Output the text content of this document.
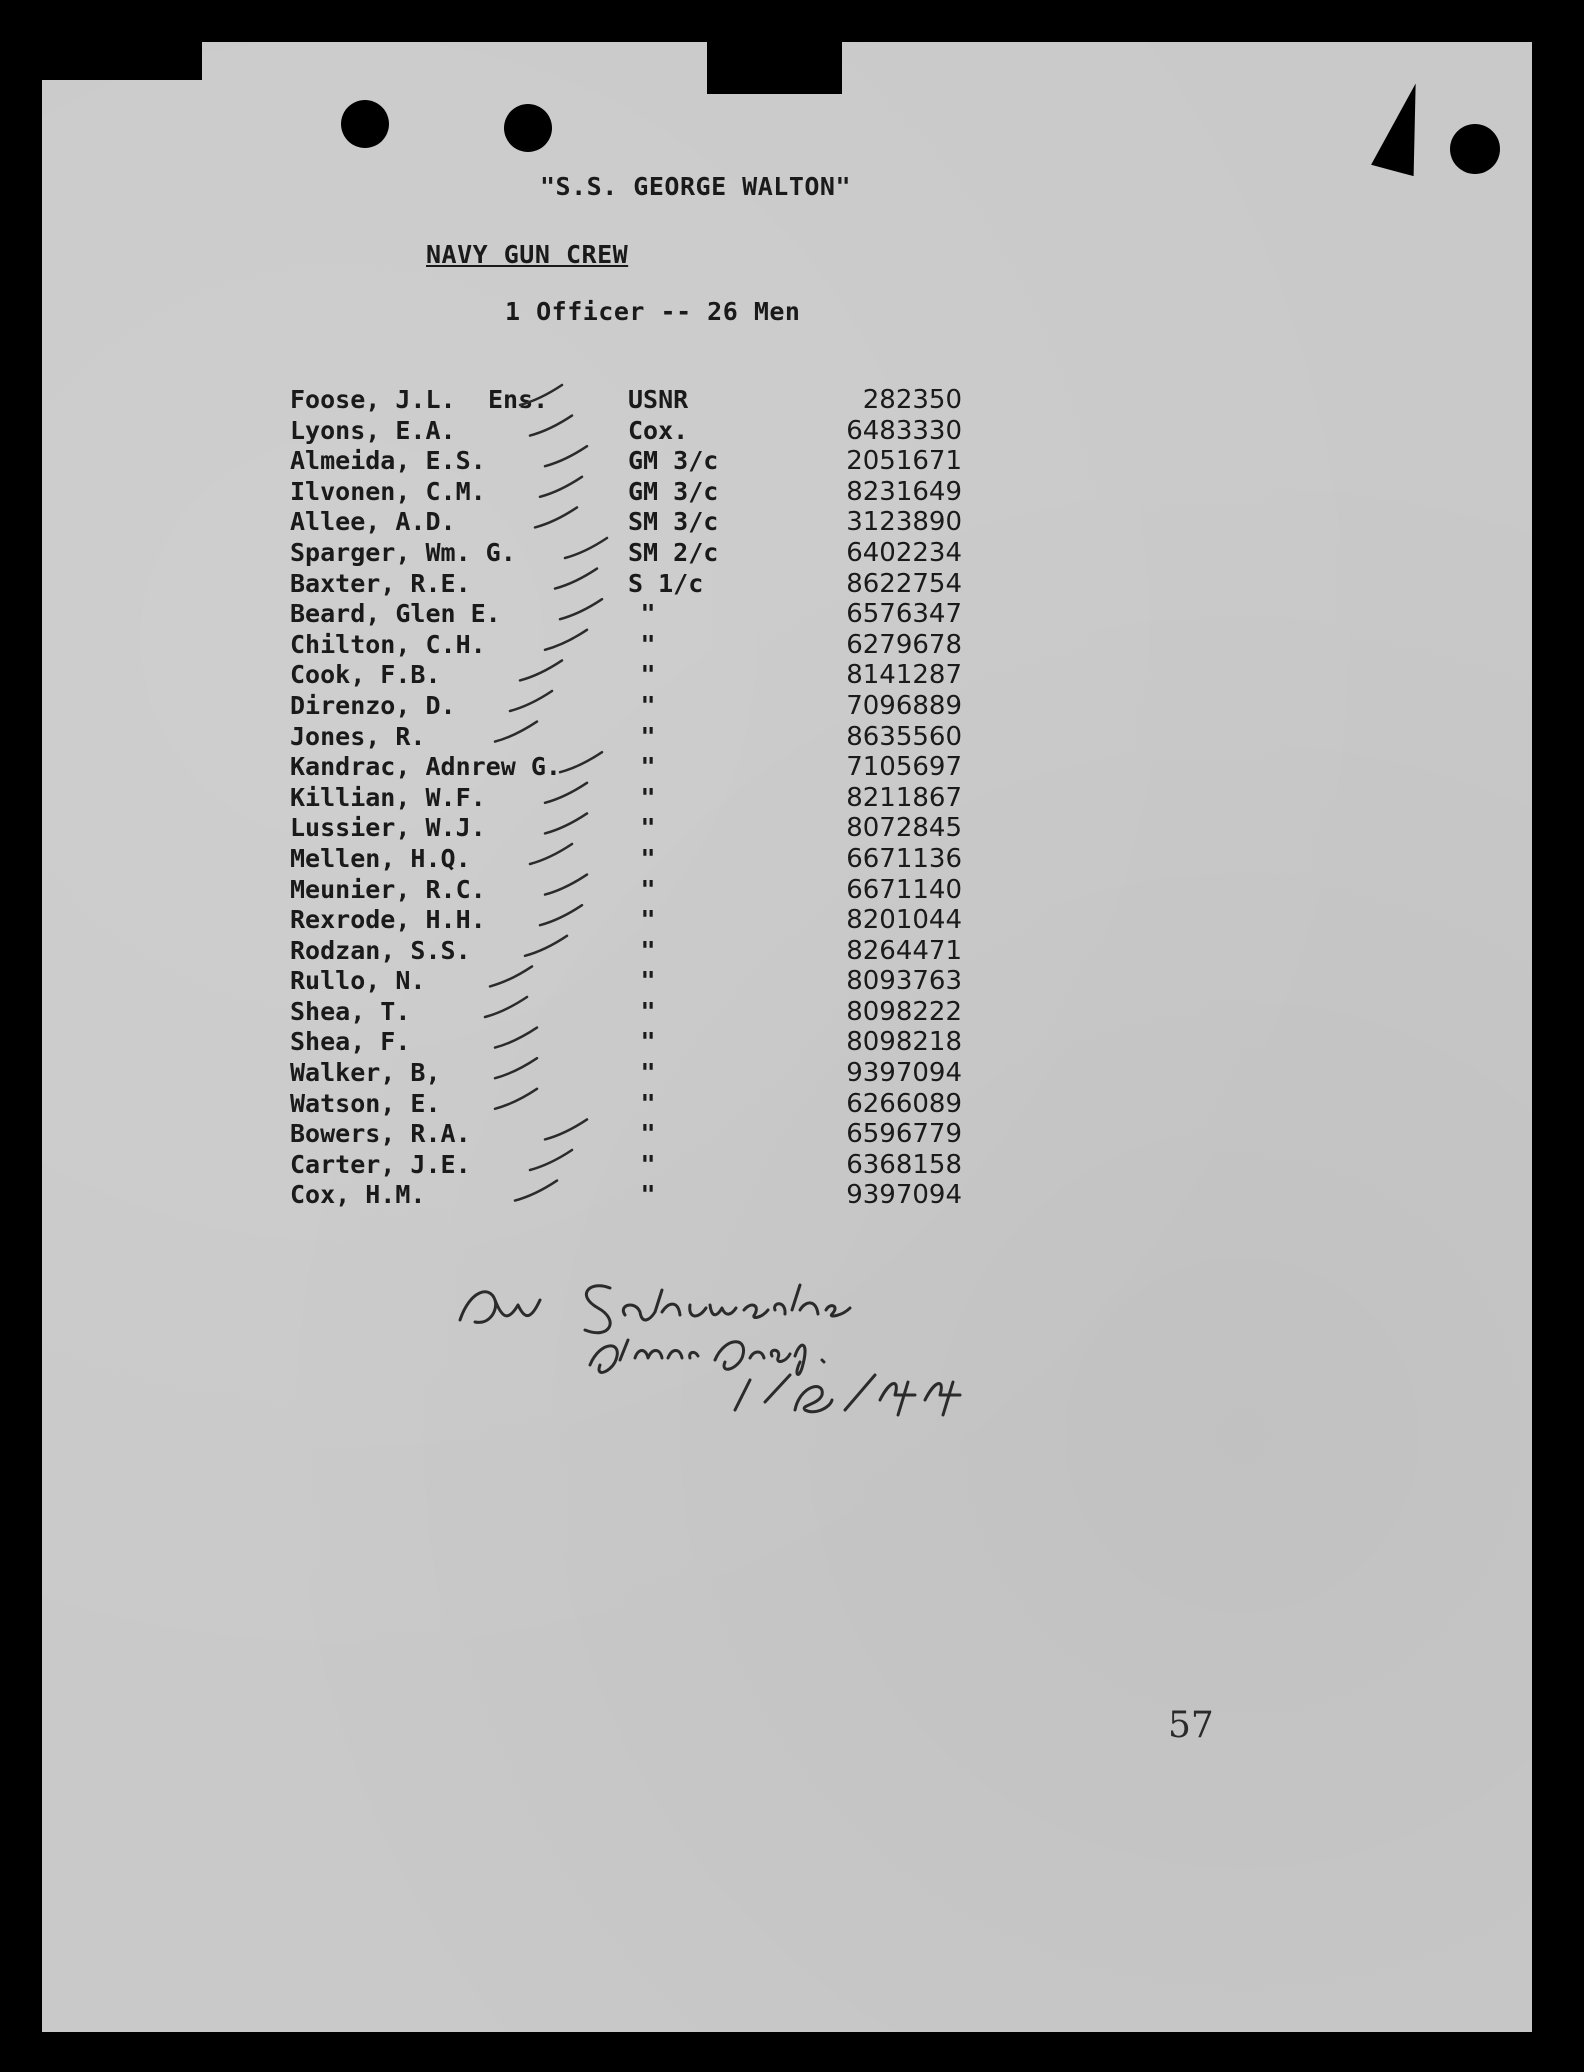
"S.S. GEORGE WALTON"
NAVY GUN CREW
1 Officer -- 26 Men
Foose, J.L. Ens.	USNR	282350
Lyons, E.A.	Cox.	6483330
Almeida, E.S.	GM 3/c	2051671
Ilvonen, C.M.	GM 3/c	8231649
Allee, A.D.	SM 3/c	3123890
Sparger, Wm. G.	SM 2/c	6402234
Baxter, R.E.	S 1/c	8622754
Beard, Glen E.	"	6576347
Chilton, C.H.	"	6279678
Cook, F.B.	"	8141287
Direnzo, D.	"	7096889
Jones, R.	"	8635560
Kandrac, Adnrew G.	"	7105697
Killian, W.F.	"	8211867
Lussier, W.J.	"	8072845
Mellen, H.Q.	"	6671136
Meunier, R.C.	"	6671140
Rexrode, H.H.	"	8201044
Rodzan, S.S.	"	8264471
Rullo, N.	"	8093763
Shea, T.	"	8098222
Shea, F.	"	8098218
Walker, B,	"	9397094
Watson, E.	"	6266089
Bowers, R.A.	"	6596779
Carter, J.E.	"	6368158
Cox, H.M.	"	9397094
57
